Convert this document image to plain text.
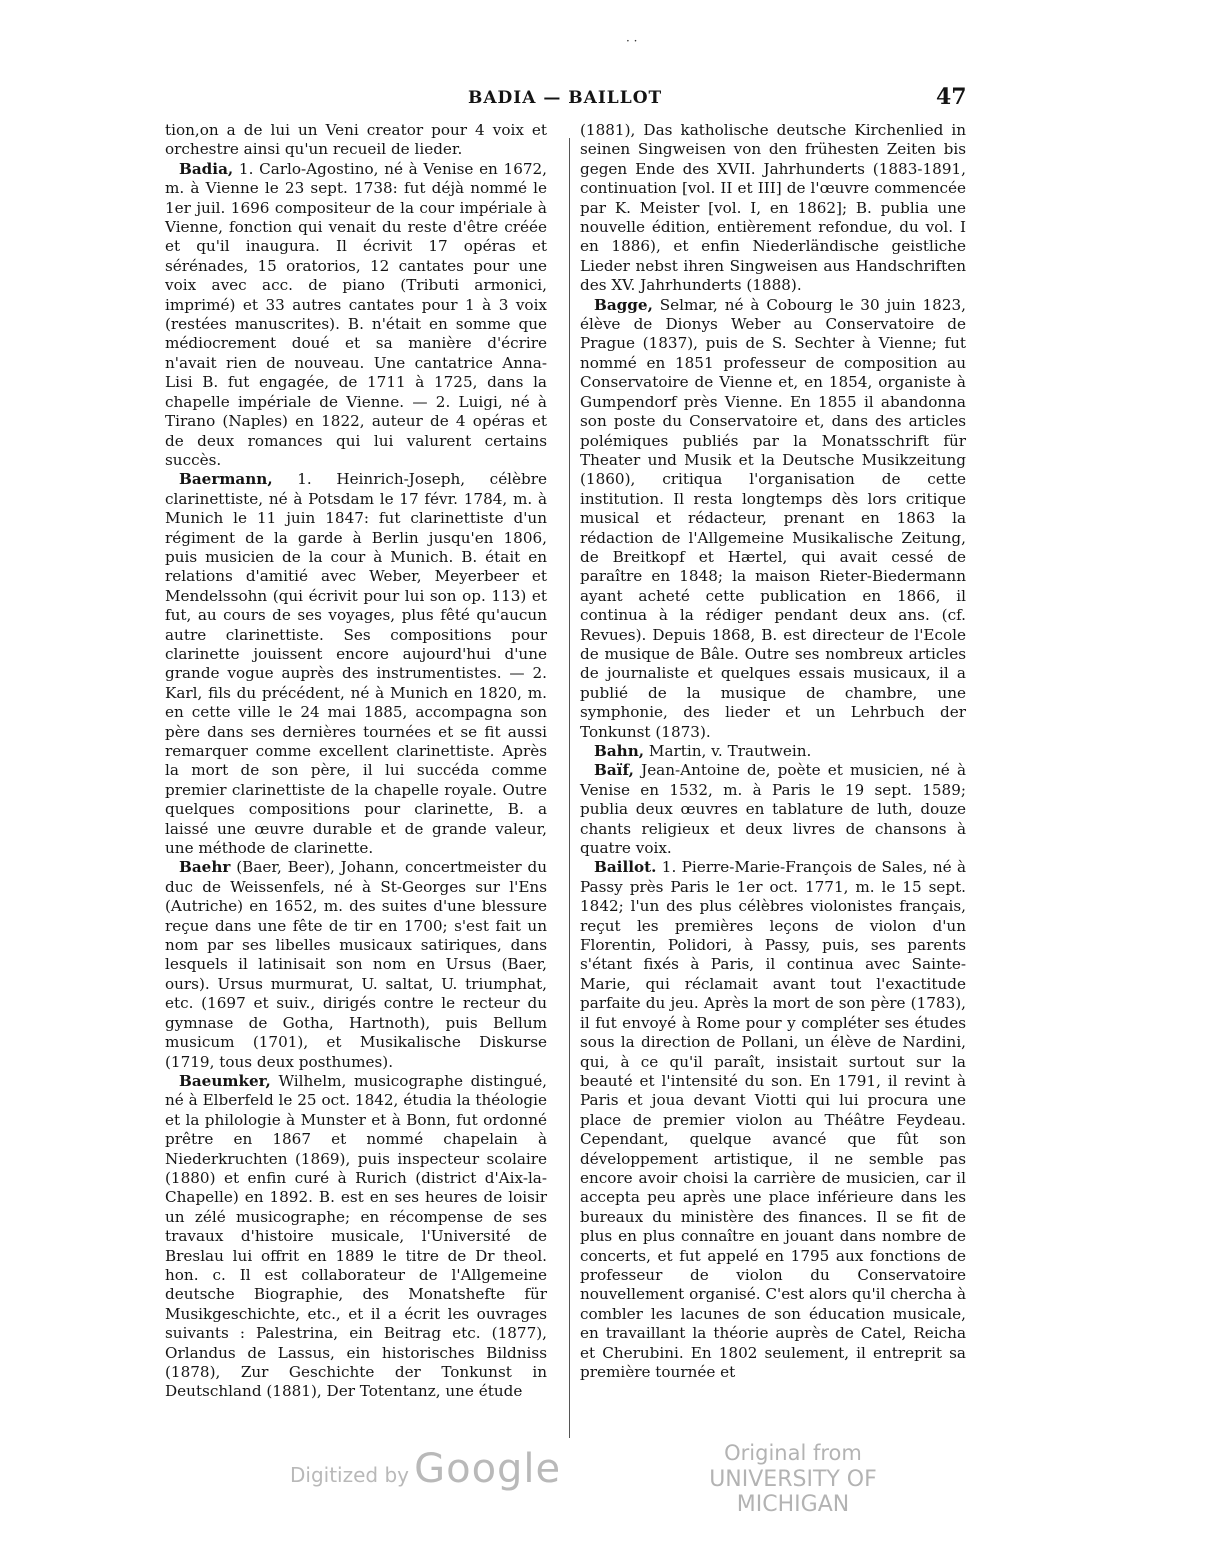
· ·
BADIA — BAILLOT	47

tion,on a de lui un Veni creator pour 4 voix et orchestre ainsi qu'un recueil de lieder.

Badia, 1. Carlo-Agostino, né à Venise en 1672, m. à Vienne le 23 sept. 1738: fut déjà nommé le 1er juil. 1696 compositeur de la cour impériale à Vienne, fonction qui venait du reste d'être créée et qu'il inaugura. Il écrivit 17 opéras et sérénades, 15 oratorios, 12 cantates pour une voix avec acc. de piano (Tributi armonici, imprimé) et 33 autres cantates pour 1 à 3 voix (restées manuscrites). B. n'était en somme que médiocrement doué et sa manière d'écrire n'avait rien de nouveau. Une cantatrice Anna-Lisi B. fut engagée, de 1711 à 1725, dans la chapelle impériale de Vienne. — 2. Luigi, né à Tirano (Naples) en 1822, auteur de 4 opéras et de deux romances qui lui valurent certains succès.

Baermann, 1. Heinrich-Joseph, célèbre clarinettiste, né à Potsdam le 17 févr. 1784, m. à Munich le 11 juin 1847: fut clarinettiste d'un régiment de la garde à Berlin jusqu'en 1806, puis musicien de la cour à Munich. B. était en relations d'amitié avec Weber, Meyerbeer et Mendelssohn (qui écrivit pour lui son op. 113) et fut, au cours de ses voyages, plus fêté qu'aucun autre clarinettiste. Ses compositions pour clarinette jouissent encore aujourd'hui d'une grande vogue auprès des instrumentistes. — 2. Karl, fils du précédent, né à Munich en 1820, m. en cette ville le 24 mai 1885, accompagna son père dans ses dernières tournées et se fit aussi remarquer comme excellent clarinettiste. Après la mort de son père, il lui succéda comme premier clarinettiste de la chapelle royale. Outre quelques compositions pour clarinette, B. a laissé une œuvre durable et de grande valeur, une méthode de clarinette.

Baehr (Baer, Beer), Johann, concertmeister du duc de Weissenfels, né à St-Georges sur l'Ens (Autriche) en 1652, m. des suites d'une blessure reçue dans une fête de tir en 1700; s'est fait un nom par ses libelles musicaux satiriques, dans lesquels il latinisait son nom en Ursus (Baer, ours). Ursus murmurat, U. saltat, U. triumphat, etc. (1697 et suiv., dirigés contre le recteur du gymnase de Gotha, Hartnoth), puis Bellum musicum (1701), et Musikalische Diskurse (1719, tous deux posthumes).

Baeumker, Wilhelm, musicographe distingué, né à Elberfeld le 25 oct. 1842, étudia la théologie et la philologie à Munster et à Bonn, fut ordonné prêtre en 1867 et nommé chapelain à Niederkruchten (1869), puis inspecteur scolaire (1880) et enfin curé à Rurich (district d'Aix-la-Chapelle) en 1892. B. est en ses heures de loisir un zélé musicographe; en récompense de ses travaux d'histoire musicale, l'Université de Breslau lui offrit en 1889 le titre de Dr theol. hon. c. Il est collaborateur de l'Allgemeine deutsche Biographie, des Monatshefte für Musikgeschichte, etc., et il a écrit les ouvrages suivants : Palestrina, ein Beitrag etc. (1877), Orlandus de Lassus, ein historisches Bildniss (1878), Zur Geschichte der Tonkunst in Deutschland (1881), Der Totentanz, une étude

(1881), Das katholische deutsche Kirchenlied in seinen Singweisen von den frühesten Zeiten bis gegen Ende des XVII. Jahrhunderts (1883-1891, continuation [vol. II et III] de l'œuvre commencée par K. Meister [vol. I, en 1862]; B. publia une nouvelle édition, entièrement refondue, du vol. I en 1886), et enfin Niederländische geistliche Lieder nebst ihren Singweisen aus Handschriften des XV. Jahrhunderts (1888).

Bagge, Selmar, né à Cobourg le 30 juin 1823, élève de Dionys Weber au Conservatoire de Prague (1837), puis de S. Sechter à Vienne; fut nommé en 1851 professeur de composition au Conservatoire de Vienne et, en 1854, organiste à Gumpendorf près Vienne. En 1855 il abandonna son poste du Conservatoire et, dans des articles polémiques publiés par la Monatsschrift für Theater und Musik et la Deutsche Musikzeitung (1860), critiqua l'organisation de cette institution. Il resta longtemps dès lors critique musical et rédacteur, prenant en 1863 la rédaction de l'Allgemeine Musikalische Zeitung, de Breitkopf et Hærtel, qui avait cessé de paraître en 1848; la maison Rieter-Biedermann ayant acheté cette publication en 1866, il continua à la rédiger pendant deux ans. (cf. Revues). Depuis 1868, B. est directeur de l'Ecole de musique de Bâle. Outre ses nombreux articles de journaliste et quelques essais musicaux, il a publié de la musique de chambre, une symphonie, des lieder et un Lehrbuch der Tonkunst (1873).

Bahn, Martin, v. Trautwein.

Baïf, Jean-Antoine de, poète et musicien, né à Venise en 1532, m. à Paris le 19 sept. 1589; publia deux œuvres en tablature de luth, douze chants religieux et deux livres de chansons à quatre voix.

Baillot. 1. Pierre-Marie-François de Sales, né à Passy près Paris le 1er oct. 1771, m. le 15 sept. 1842; l'un des plus célèbres violonistes français, reçut les premières leçons de violon d'un Florentin, Polidori, à Passy, puis, ses parents s'étant fixés à Paris, il continua avec Sainte-Marie, qui réclamait avant tout l'exactitude parfaite du jeu. Après la mort de son père (1783), il fut envoyé à Rome pour y compléter ses études sous la direction de Pollani, un élève de Nardini, qui, à ce qu'il paraît, insistait surtout sur la beauté et l'intensité du son. En 1791, il revint à Paris et joua devant Viotti qui lui procura une place de premier violon au Théâtre Feydeau. Cependant, quelque avancé que fût son développement artistique, il ne semble pas encore avoir choisi la carrière de musicien, car il accepta peu après une place inférieure dans les bureaux du ministère des finances. Il se fit de plus en plus connaître en jouant dans nombre de concerts, et fut appelé en 1795 aux fonctions de professeur de violon du Conservatoire nouvellement organisé. C'est alors qu'il chercha à combler les lacunes de son éducation musicale, en travaillant la théorie auprès de Catel, Reicha et Cherubini. En 1802 seulement, il entreprit sa première tournée et

Digitized by Google	Original from
UNIVERSITY OF MICHIGAN
